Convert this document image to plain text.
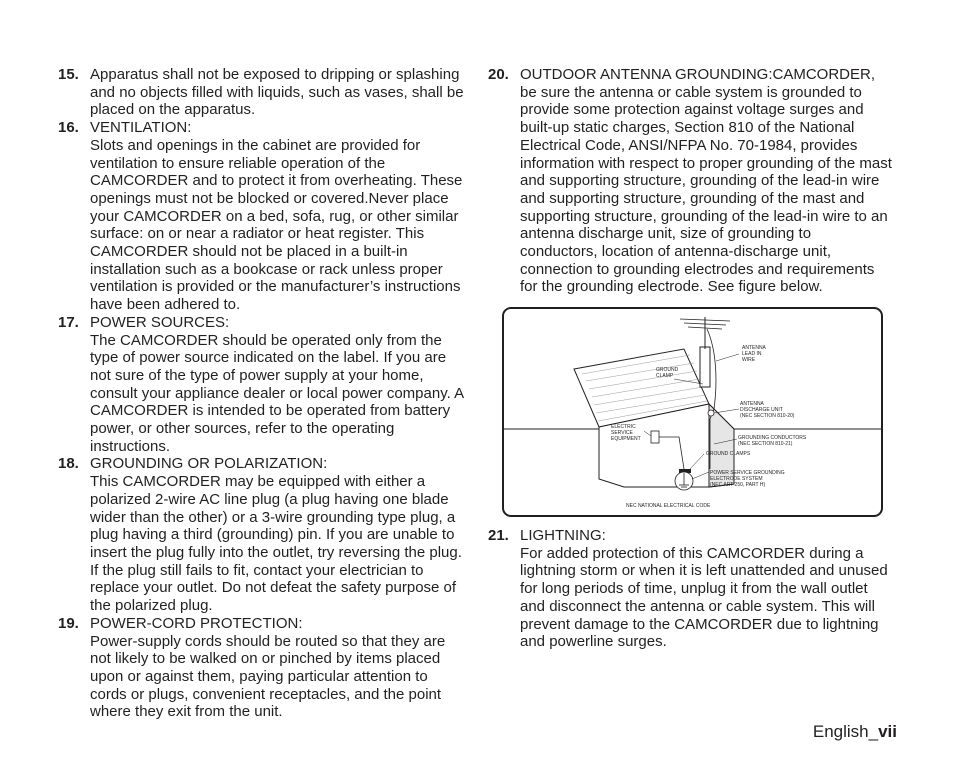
15. Apparatus shall not be exposed to dripping or splashing and no objects filled with liquids, such as vases, shall be placed on the apparatus.

16. VENTILATION:

Slots and openings in the cabinet are provided for ventilation to ensure reliable operation of the CAMCORDER and to protect it from overheating. These openings must not be blocked or covered.Never place your CAMCORDER on a bed, sofa, rug, or other similar surface: on or near a radiator or heat register. This CAMCORDER should not be placed in a built-in installation such as a bookcase or rack unless proper ventilation is provided or the manufacturer’s instructions have been adhered to.

17. POWER SOURCES:

The CAMCORDER should be operated only from the type of power source indicated on the label. If you are not sure of the type of power supply at your home, consult your appliance dealer or local power company. A CAMCORDER is intended to be operated from battery power, or other sources, refer to the operating instructions.

18. GROUNDING OR POLARIZATION:

This CAMCORDER may be equipped with either a polarized 2-wire AC line plug (a plug having one blade wider than the other) or a 3-wire grounding type plug, a plug having a third (grounding) pin. If you are unable to insert the plug fully into the outlet, try reversing the plug. If the plug still fails to fit, contact your electrician to replace your outlet. Do not defeat the safety purpose of the polarized plug.

19. POWER-CORD PROTECTION:

Power-supply cords should be routed so that they are not likely to be walked on or pinched by items placed upon or against them, paying particular attention to cords or plugs, convenient receptacles, and the point where they exit from the unit.

20. OUTDOOR ANTENNA GROUNDING:CAMCORDER, be sure the antenna or cable system is grounded to provide some protection against voltage surges and built-up static charges, Section 810 of the National Electrical Code, ANSI/NFPA No. 70-1984, provides information with respect to proper grounding of the mast and supporting structure, grounding of the lead-in wire and supporting structure, grounding of the mast and supporting structure, grounding of the lead-in wire to an antenna discharge unit, size of grounding to conductors, location of antenna-discharge unit, connection to grounding electrodes and requirements for the grounding electrode. See figure below.

ANTENNA
LEAD IN
WIRE
GROUND
CLAMP
ANTENNA
DISCHARGE UNIT
(NEC SECTION 810-20)
ELECTRIC
SERVICE
EQUIPMENT	GROUNDING CONDUCTORS
(NEC SECTION 810-21)
GROUND CLAMPS
POWER SERVICE GROUNDING
ELECTRODE SYSTEM
(NEC ART 250, PART H)
NEC NATIONAL ELECTRICAL CODE
21. LIGHTNING:

For added protection of this CAMCORDER during a lightning storm or when it is left unattended and unused for long periods of time, unplug it from the wall outlet and disconnect the antenna or cable system. This will prevent damage to the CAMCORDER due to lightning and powerline surges.

English_vii
